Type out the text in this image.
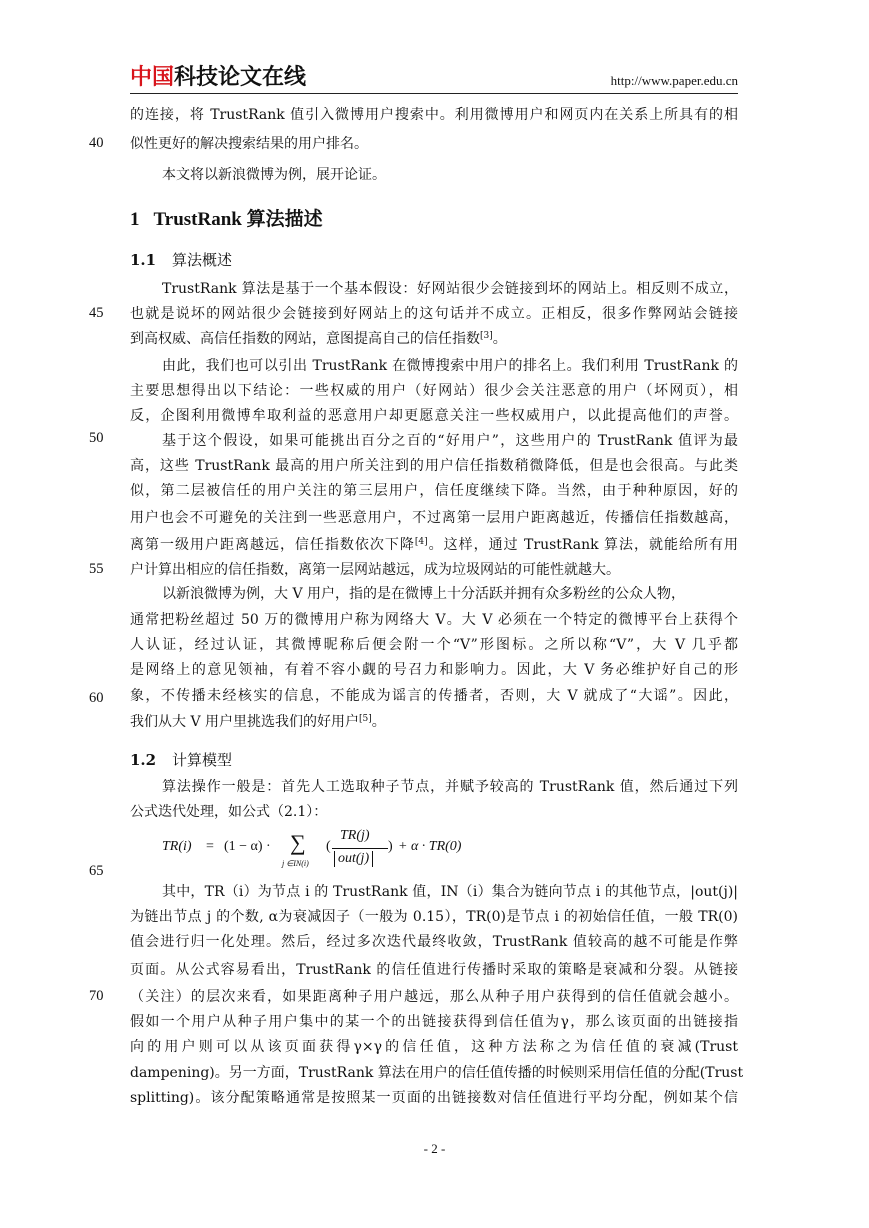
中国科技论文在线	http://www.paper.edu.cn
40
45
50
55
60
65
70
的连接，将 TrustRank 值引入微博用户搜索中。利用微博用户和网页内在关系上所具有的相
似性更好的解决搜索结果的用户排名。
本文将以新浪微博为例，展开论证。
1 TrustRank 算法描述
1.1 算法概述
TrustRank 算法是基于一个基本假设：好网站很少会链接到坏的网站上。相反则不成立，
也就是说坏的网站很少会链接到好网站上的这句话并不成立。正相反，很多作弊网站会链接
到高权威、高信任指数的网站，意图提高自己的信任指数[3]。
由此，我们也可以引出 TrustRank 在微博搜索中用户的排名上。我们利用 TrustRank 的
主要思想得出以下结论：一些权威的用户（好网站）很少会关注恶意的用户（坏网页），相
反，企图利用微博牟取利益的恶意用户却更愿意关注一些权威用户，以此提高他们的声誉。
基于这个假设，如果可能挑出百分之百的“好用户”，这些用户的 TrustRank 值评为最
高，这些 TrustRank 最高的用户所关注到的用户信任指数稍微降低，但是也会很高。与此类
似，第二层被信任的用户关注的第三层用户，信任度继续下降。当然，由于种种原因，好的
用户也会不可避免的关注到一些恶意用户，不过离第一层用户距离越近，传播信任指数越高，
离第一级用户距离越远，信任指数依次下降[4]。这样，通过 TrustRank 算法，就能给所有用
户计算出相应的信任指数，离第一层网站越远，成为垃圾网站的可能性就越大。
以新浪微博为例，大 V 用户，指的是在微博上十分活跃并拥有众多粉丝的公众人物，
通常把粉丝超过 50 万的微博用户称为网络大 V。大 V 必须在一个特定的微博平台上获得个
人认证，经过认证，其微博昵称后便会附一个“V”形图标。之所以称“V”，大 V 几乎都
是网络上的意见领袖，有着不容小觑的号召力和影响力。因此，大 V 务必维护好自己的形
象，不传播未经核实的信息，不能成为谣言的传播者，否则，大 V 就成了“大谣”。因此，
我们从大 V 用户里挑选我们的好用户[5]。
1.2 计算模型
算法操作一般是：首先人工选取种子节点，并赋予较高的 TrustRank 值，然后通过下列
公式迭代处理，如公式（2.1）：
TR(i) = (1 − α) · ∑
j ∈IN(i)
(
TR(j)
out(j)
) + α · TR(0)
其中，TR（i）为节点 i 的 TrustRank 值，IN（i）集合为链向节点 i 的其他节点，|out(j)|
为链出节点 j 的个数, α为衰减因子（一般为 0.15），TR(0)是节点 i 的初始信任值，一般 TR(0)
值会进行归一化处理。然后，经过多次迭代最终收敛，TrustRank 值较高的越不可能是作弊
页面。从公式容易看出，TrustRank 的信任值进行传播时采取的策略是衰减和分裂。从链接
（关注）的层次来看，如果距离种子用户越远，那么从种子用户获得到的信任值就会越小。
假如一个用户从种子用户集中的某一个的出链接获得到信任值为γ，那么该页面的出链接指
向的用户则可以从该页面获得γ×γ的信任值，这种方法称之为信任值的衰减(Trust
dampening)。另一方面，TrustRank 算法在用户的信任值传播的时候则采用信任值的分配(Trust
splitting)。该分配策略通常是按照某一页面的出链接数对信任值进行平均分配，例如某个信
- 2 -
